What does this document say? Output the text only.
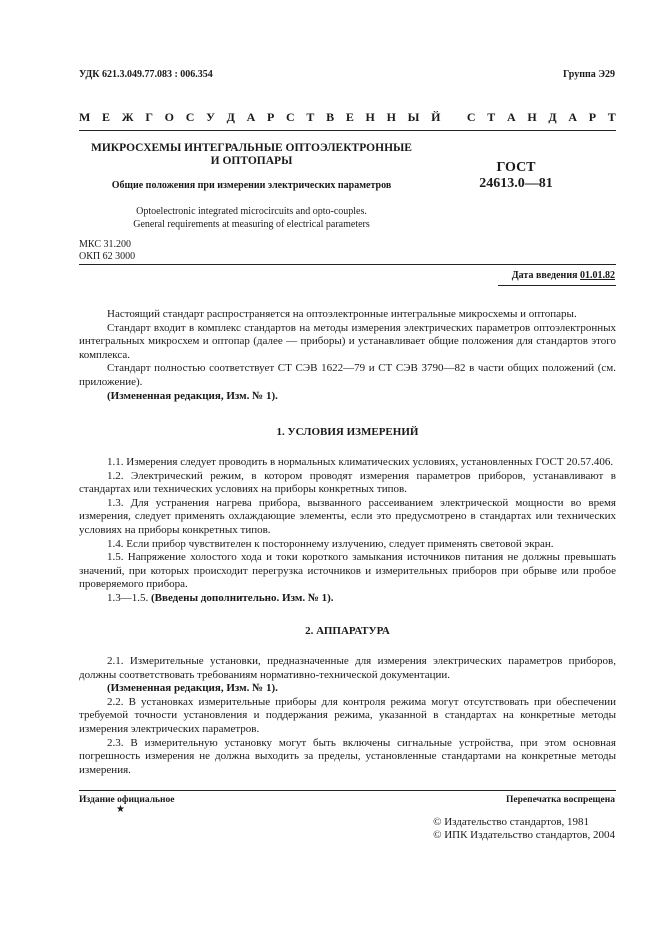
УДК 621.3.049.77.083 : 006.354	Группа Э29
М Е Ж Г О С У Д А Р С Т В Е Н Н Ы Й
С Т А Н Д А Р Т
МИКРОСХЕМЫ ИНТЕГРАЛЬНЫЕ ОПТОЭЛЕКТРОННЫЕ
И ОПТОПАРЫ	ГОСТ
24613.0—81
Общие положения при измерении электрических параметров
Optoelectronic integrated microcircuits and opto-couples.
General requirements at measuring of electrical parameters
МКС 31.200
ОКП 62 3000
Дата введения 01.01.82

Настоящий стандарт распространяется на оптоэлектронные интегральные микросхемы и оптопары.

Стандарт входит в комплекс стандартов на методы измерения электрических параметров оптоэлектронных интегральных микросхем и оптопар (далее — приборы) и устанавливает общие положения для стандартов этого комплекса.

Стандарт полностью соответствует СТ СЭВ 1622—79 и СТ СЭВ 3790—82 в части общих положений (см. приложение).

(Измененная редакция, Изм. № 1).

1. УСЛОВИЯ ИЗМЕРЕНИЙ

1.1. Измерения следует проводить в нормальных климатических условиях, установленных ГОСТ 20.57.406.

1.2. Электрический режим, в котором проводят измерения параметров приборов, устанавливают в стандартах или технических условиях на приборы конкретных типов.

1.3. Для устранения нагрева прибора, вызванного рассеиванием электрической мощности во время измерения, следует применять охлаждающие элементы, если это предусмотрено в стандартах или технических условиях на приборы конкретных типов.

1.4. Если прибор чувствителен к постороннему излучению, следует применять световой экран.

1.5. Напряжение холостого хода и токи короткого замыкания источников питания не должны превышать значений, при которых происходит перегрузка источников и измерительных приборов при обрыве или пробое проверяемого прибора.

1.3—1.5. (Введены дополнительно. Изм. № 1).

2. АППАРАТУРА

2.1. Измерительные установки, предназначенные для измерения электрических параметров приборов, должны соответствовать требованиям нормативно-технической документации.

(Измененная редакция, Изм. № 1).

2.2. В установках измерительные приборы для контроля режима могут отсутствовать при обеспечении требуемой точности установления и поддержания режима, указанной в стандартах на конкретные методы измерения электрических параметров.

2.3. В измерительную установку могут быть включены сигнальные устройства, при этом основная погрешность измерения не должна выходить за пределы, установленные стандартами на конкретные методы измерения.

Издание официальное	Перепечатка воспрещена
★
© Издательство стандартов, 1981
© ИПК Издательство стандартов, 2004
